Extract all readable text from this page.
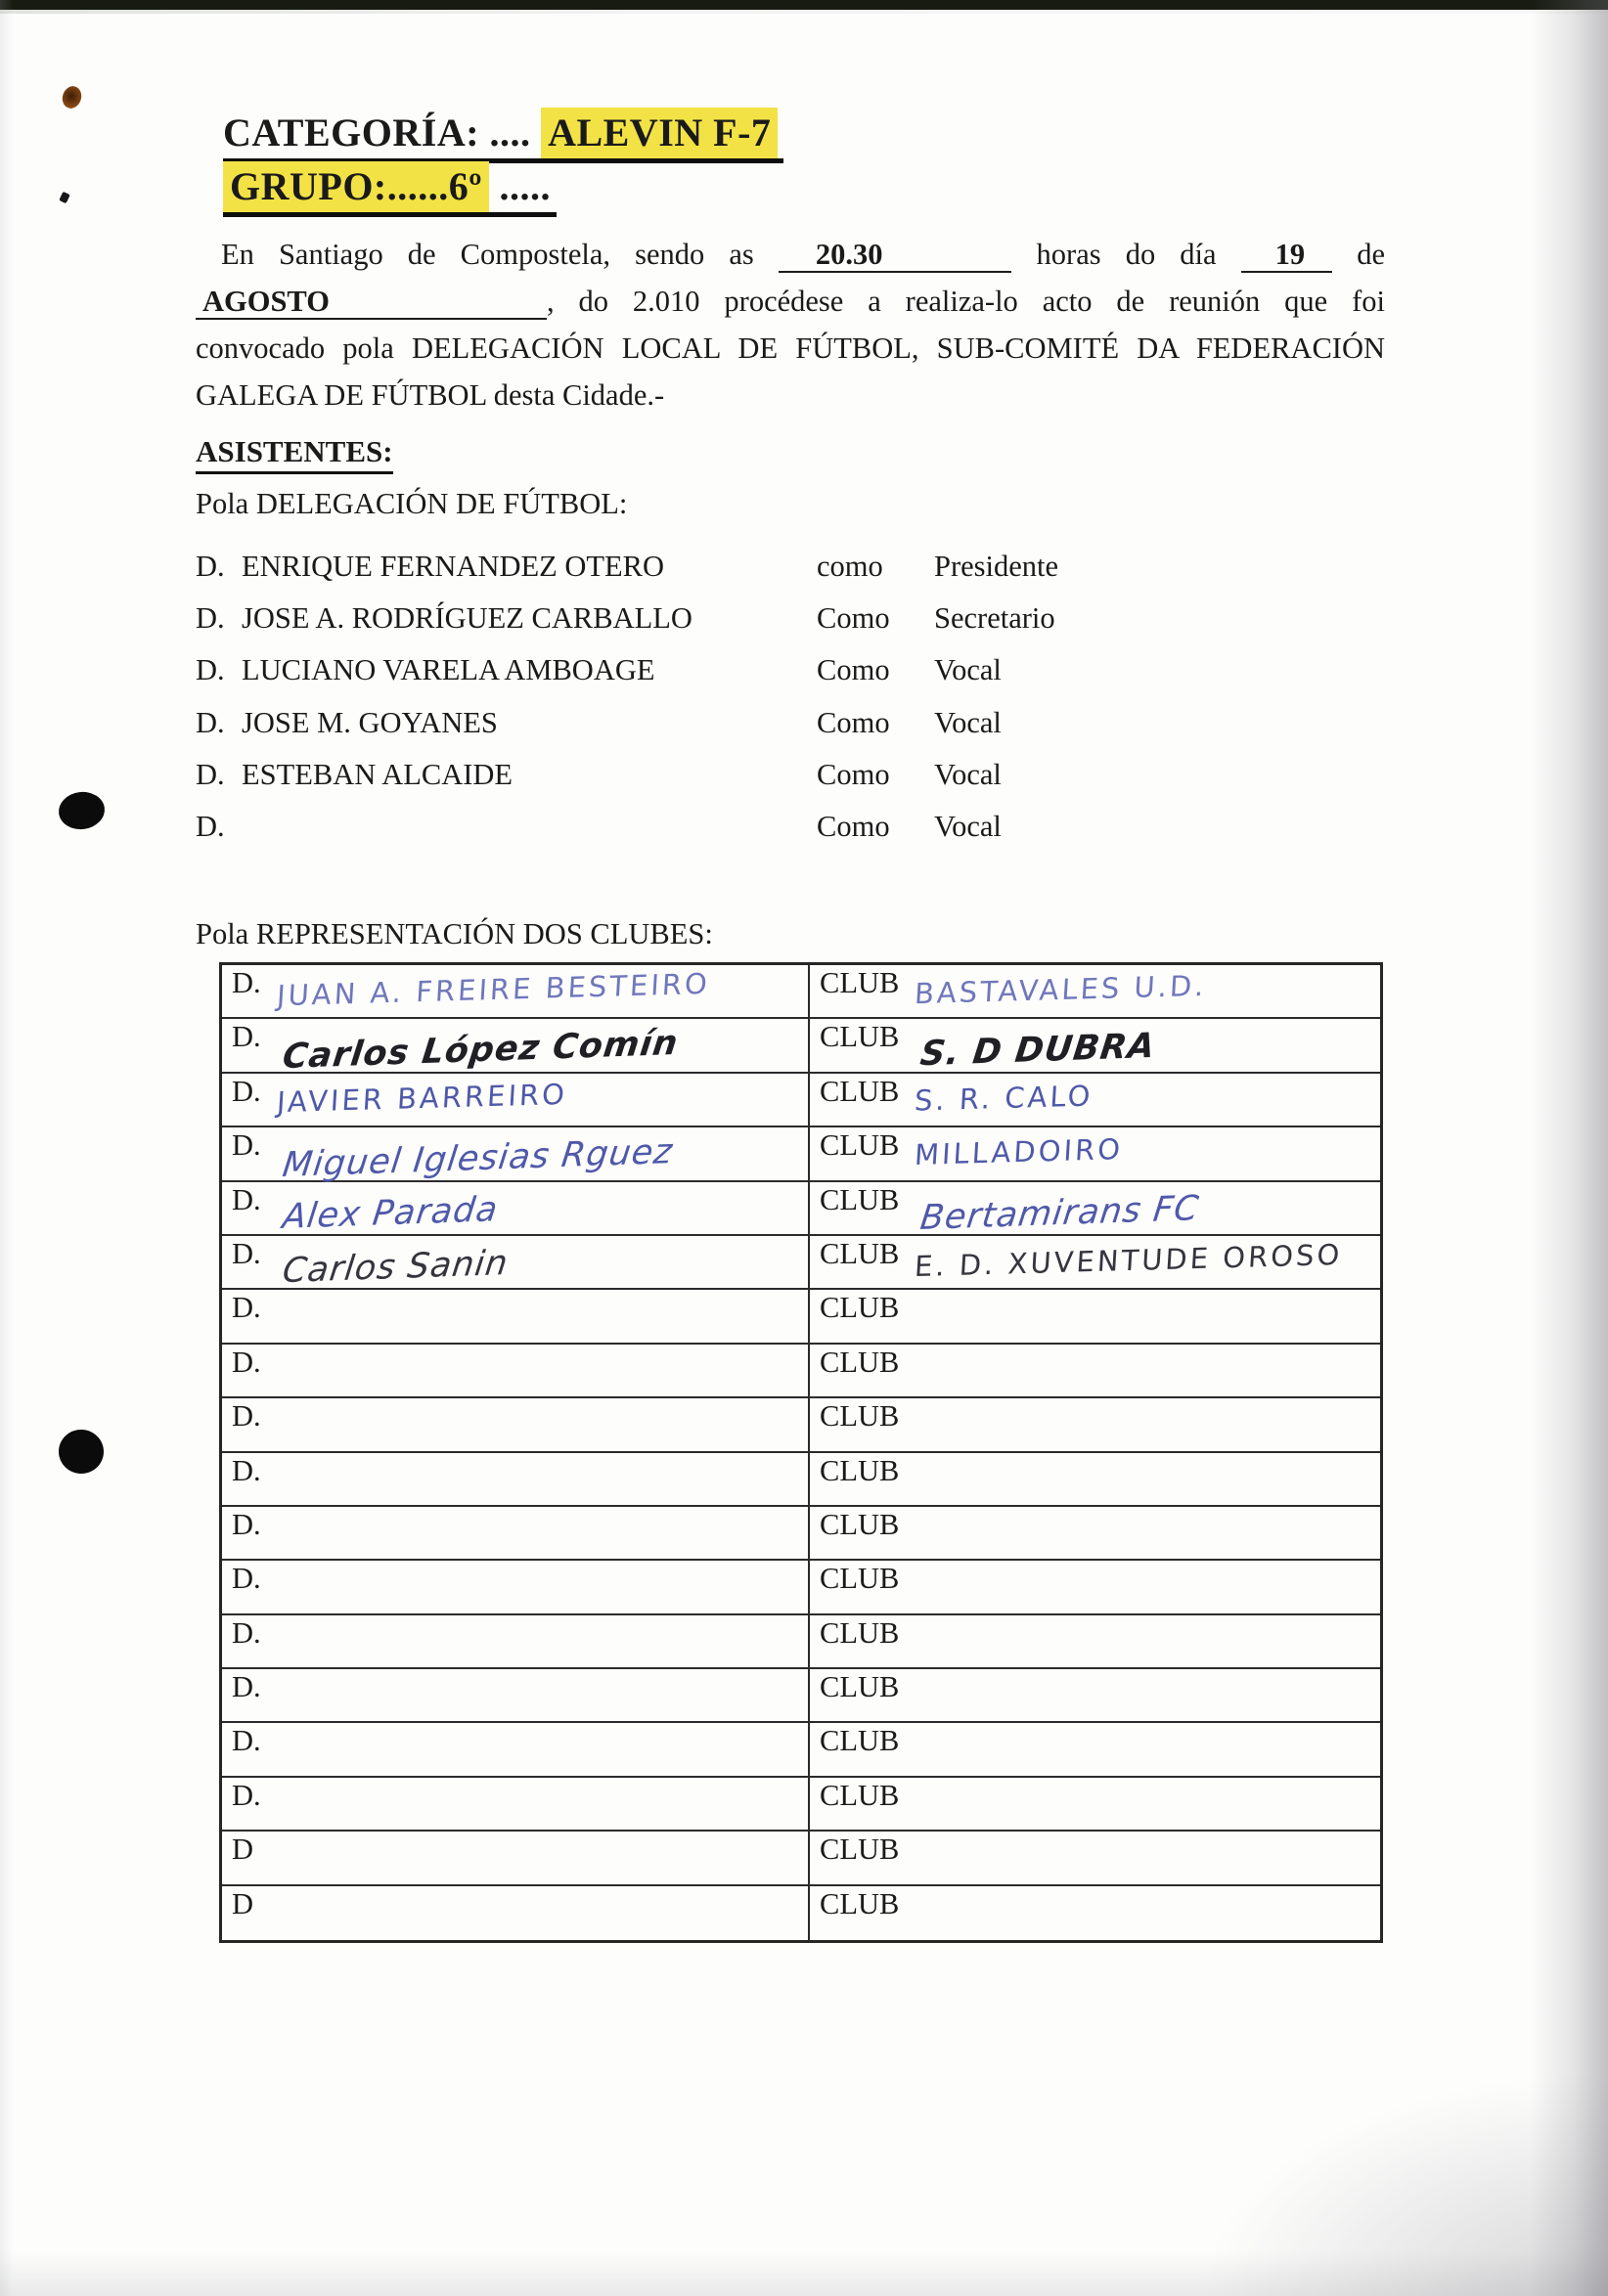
CATEGORÍA: .... ALEVIN F-7
GRUPO:......6º .....
En Santiago de Compostela, sendo as 20.30	horas do día 19 de
AGOSTO	, do 2.010 procédese a realiza-lo acto de reunión que foi
convocado pola DELEGACIÓN LOCAL DE FÚTBOL, SUB-COMITÉ DA FEDERACIÓN
GALEGA DE FÚTBOL desta Cidade.-
ASISTENTES:
Pola DELEGACIÓN DE FÚTBOL:
D. ENRIQUE FERNANDEZ OTERO	como	Presidente
D. JOSE A. RODRÍGUEZ CARBALLO	Como	Secretario
D. LUCIANO VARELA AMBOAGE	Como	Vocal
D. JOSE M. GOYANES	Como	Vocal
D. ESTEBAN ALCAIDE	Como	Vocal
D.	Como	Vocal
Pola REPRESENTACIÓN DOS CLUBES:
D. JUAN A. FREIRE BESTEIRO	CLUB BASTAVALES U.D.
D. Carlos López Comín	CLUB S. D DUBRA
D. JAVIER BARREIRO	CLUB S. R. CALO
D. Miguel Iglesias Rguez	CLUB MILLADOIRO
D. Alex Parada	CLUB Bertamirans FC
D. Carlos Sanin	CLUB E. D. XUVENTUDE OROSO
D.	CLUB
D.	CLUB
D.	CLUB
D.	CLUB
D.	CLUB
D.	CLUB
D.	CLUB
D.	CLUB
D.	CLUB
D.	CLUB
D	CLUB
D	CLUB
